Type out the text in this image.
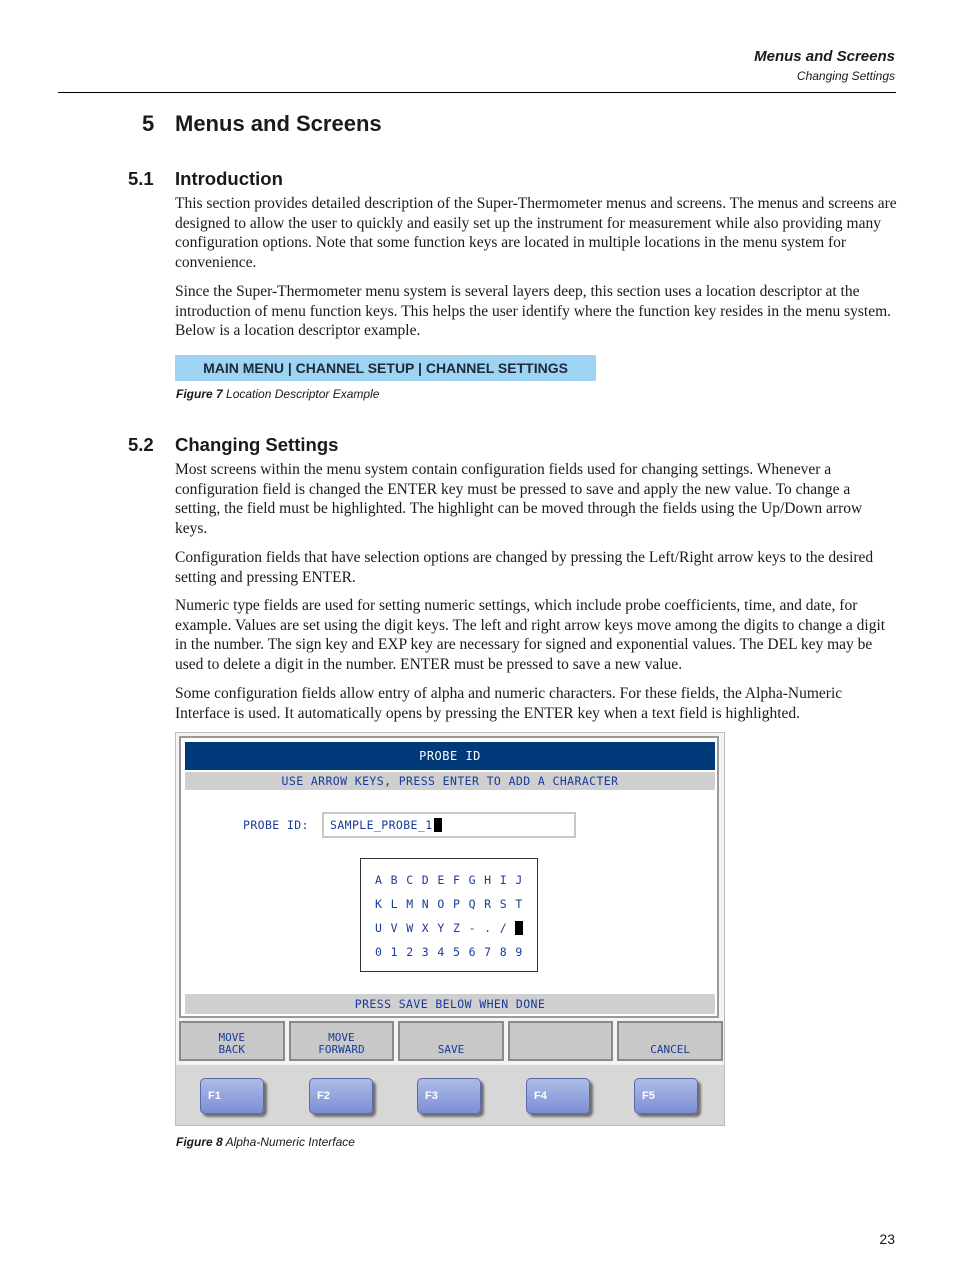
Menus and Screens
Changing Settings
5 Menus and Screens
5.1 Introduction
This section provides detailed description of the Super-Thermometer menus and screens. The menus and screens are designed to allow the user to quickly and easily set up the instrument for measurement while also providing many configuration options. Note that some function keys are located in multiple locations in the menu system for convenience.
Since the Super-Thermometer menu system is several layers deep, this section uses a location descriptor at the introduction of menu function keys. This helps the user identify where the function key resides in the menu system. Below is a location descriptor example.
MAIN MENU | CHANNEL SETUP | CHANNEL SETTINGS
Figure 7 Location Descriptor Example
5.2 Changing Settings
Most screens within the menu system contain configuration fields used for changing settings. Whenever a configuration field is changed the ENTER key must be pressed to save and apply the new value. To change a setting, the field must be highlighted. The highlight can be moved through the fields using the Up/Down arrow keys.
Configuration fields that have selection options are changed by pressing the Left/Right arrow keys to the desired setting and pressing ENTER.
Numeric type fields are used for setting numeric settings, which include probe coefficients, time, and date, for example. Values are set using the digit keys. The left and right arrow keys move among the digits to change a digit in the number. The sign key and EXP key are necessary for signed and exponential values. The DEL key may be used to delete a digit in the number. ENTER must be pressed to save a new value.
Some configuration fields allow entry of alpha and numeric characters. For these fields, the Alpha-Numeric Interface is used. It automatically opens by pressing the ENTER key when a text field is highlighted.
PROBE ID
USE ARROW KEYS, PRESS ENTER TO ADD A CHARACTER
PROBE ID: SAMPLE_PROBE_1
A B C D E F G H I J
K L M N O P Q R S T
U V W X Y Z - . /
0 1 2 3 4 5 6 7 8 9
PRESS SAVE BELOW WHEN DONE
MOVE
BACK
MOVE
FORWARD	SAVE	CANCEL
F1	F2	F3	F4	F5
Figure 8 Alpha-Numeric Interface
23
